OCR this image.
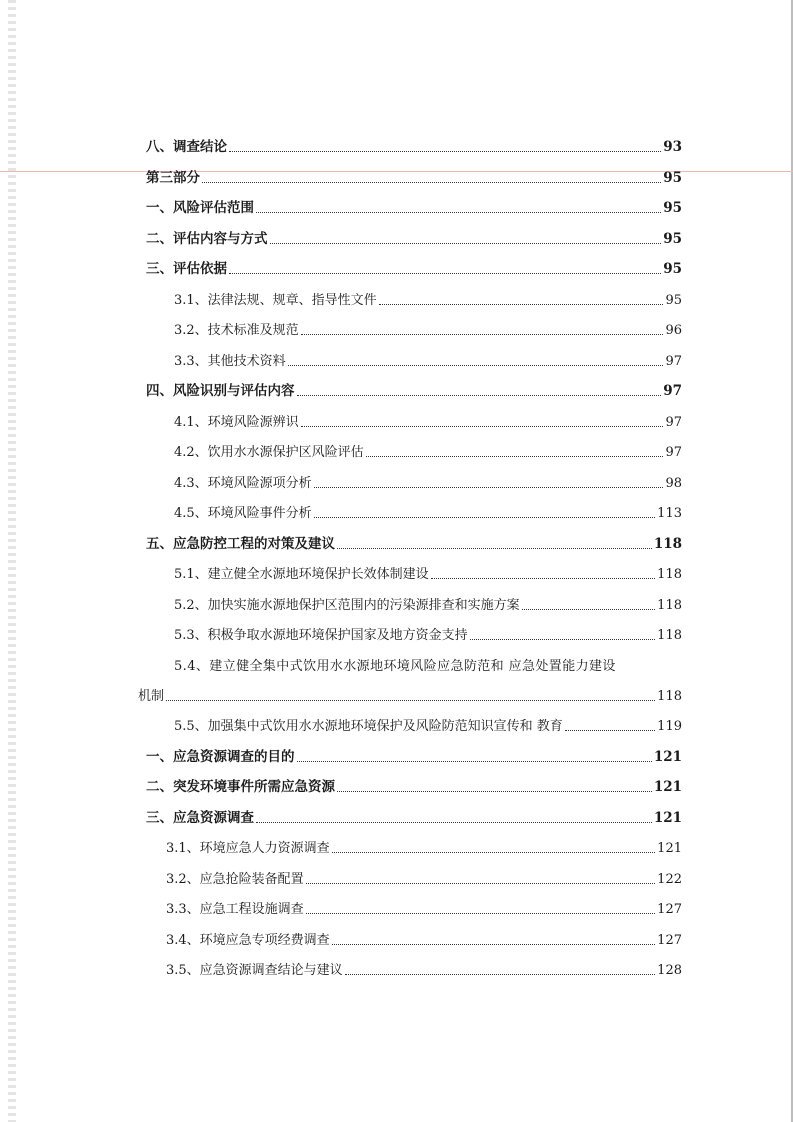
八、调查结论	93
第三部分	95
一、风险评估范围	95
二、评估内容与方式	95
三、评估依据	95
3.1、法律法规、规章、指导性文件	95
3.2、技术标准及规范	96
3.3、其他技术资料	97
四、风险识别与评估内容	97
4.1、环境风险源辨识	97
4.2、饮用水水源保护区风险评估	97
4.3、环境风险源项分析	98
4.5、环境风险事件分析	113
五、应急防控工程的对策及建议	118
5.1、建立健全水源地环境保护长效体制建设	118
5.2、加快实施水源地保护区范围内的污染源排查和实施方案	118
5.3、积极争取水源地环境保护国家及地方资金支持	118
5.4、建立健全集中式饮用水水源地环境风险应急防范和 应急处置能力建设
机制	118
5.5、加强集中式饮用水水源地环境保护及风险防范知识宣传和 教育	119
一、应急资源调查的目的	121
二、突发环境事件所需应急资源	121
三、应急资源调查	121
3.1、环境应急人力资源调查	121
3.2、应急抢险装备配置	122
3.3、应急工程设施调查	127
3.4、环境应急专项经费调查	127
3.5、应急资源调查结论与建议	128
